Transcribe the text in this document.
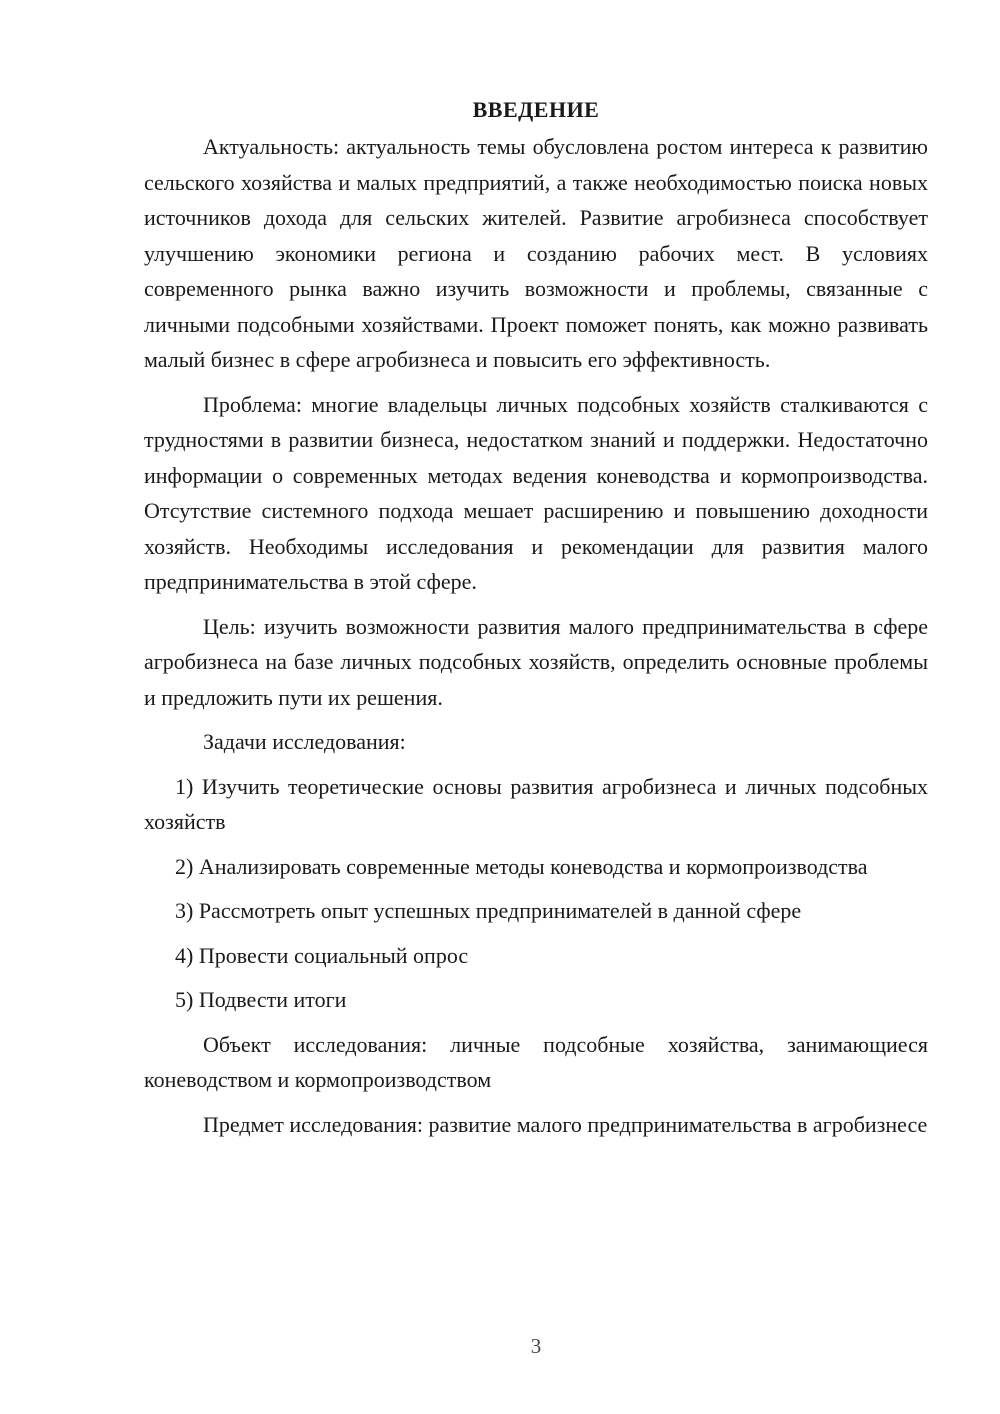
ВВЕДЕНИЕ

Актуальность: актуальность темы обусловлена ростом интереса к развитию сельского хозяйства и малых предприятий, а также необходимостью поиска новых источников дохода для сельских жителей. Развитие агробизнеса способствует улучшению экономики региона и созданию рабочих мест. В условиях современного рынка важно изучить возможности и проблемы, связанные с личными подсобными хозяйствами. Проект поможет понять, как можно развивать малый бизнес в сфере агробизнеса и повысить его эффективность.

Проблема: многие владельцы личных подсобных хозяйств сталкиваются с трудностями в развитии бизнеса, недостатком знаний и поддержки. Недостаточно информации о современных методах ведения коневодства и кормопроизводства. Отсутствие системного подхода мешает расширению и повышению доходности хозяйств. Необходимы исследования и рекомендации для развития малого предпринимательства в этой сфере.

Цель: изучить возможности развития малого предпринимательства в сфере агробизнеса на базе личных подсобных хозяйств, определить основные проблемы и предложить пути их решения.

Задачи исследования:

1) Изучить теоретические основы развития агробизнеса и личных подсобных хозяйств

2) Анализировать современные методы коневодства и кормопроизводства

3) Рассмотреть опыт успешных предпринимателей в данной сфере

4) Провести социальный опрос

5) Подвести итоги

Объект исследования: личные подсобные хозяйства, занимающиеся коневодством и кормопроизводством

Предмет исследования: развитие малого предпринимательства в агробизнесе

3
